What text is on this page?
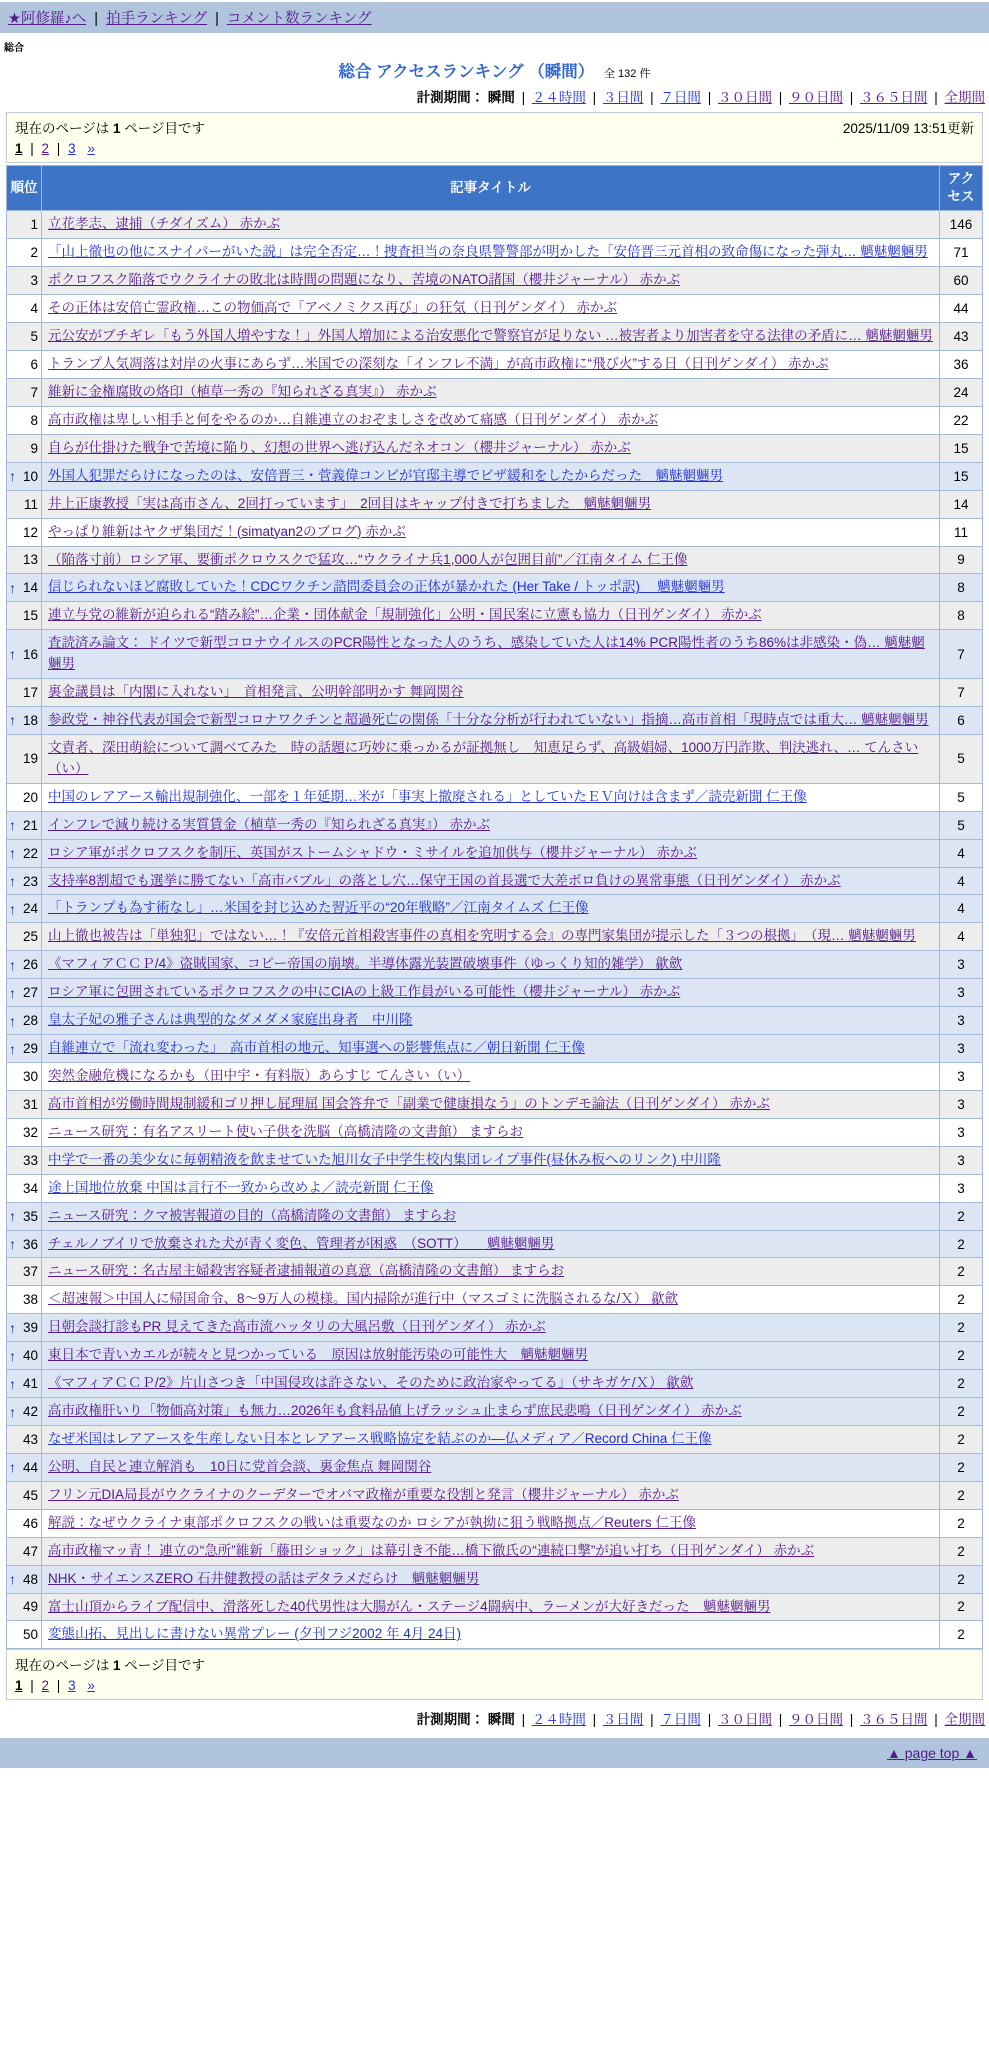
★阿修羅♪へ | 拍手ランキング | コメント数ランキング
総合
総合 アクセスランキング （瞬間） 全 132 件
計測期間： 瞬間 | ２４時間 | ３日間 | ７日間 | ３０日間 | ９０日間 | ３６５日間 | 全期間
現在のページは 1 ページ目です	2025/11/09 13:51更新
1 | 2 | 3 »
順位	記事タイトル	アクセス
1	立花孝志、逮捕（チダイズム） 赤かぶ	146
2	「山上徹也の他にスナイパーがいた説」は完全否定…！捜査担当の奈良県警警部が明かした「安倍晋三元首相の致命傷になった弾丸… 魑魅魍魎男	71
3	ポクロフスク陥落でウクライナの敗北は時間の問題になり、苦境のNATO諸国（櫻井ジャーナル） 赤かぶ	60
4	その正体は安倍亡霊政権…この物価高で「アベノミクス再び」の狂気（日刊ゲンダイ） 赤かぶ	44
5	元公安がブチギレ「もう外国人増やすな！」外国人増加による治安悪化で警察官が足りない …被害者より加害者を守る法律の矛盾に… 魑魅魍魎男	43
6	トランプ人気凋落は対岸の火事にあらず…米国での深刻な「インフレ不満」が高市政権に“飛び火”する日（日刊ゲンダイ） 赤かぶ	36
7	維新に金権腐敗の烙印（植草一秀の『知られざる真実』） 赤かぶ	24
8	高市政権は卑しい相手と何をやるのか…自維連立のおぞましさを改めて痛感（日刊ゲンダイ） 赤かぶ	22
9	自らが仕掛けた戦争で苦境に陥り、幻想の世界へ逃げ込んだネオコン（櫻井ジャーナル） 赤かぶ	15

↑ 10	外国人犯罪だらけになったのは、安倍晋三・菅義偉コンビが官邸主導でビザ緩和をしたからだった　魑魅魍魎男	15
11	井上正康教授「実は高市さん、2回打っています」　2回目はキャップ付きで打ちました　魑魅魍魎男	14
12	やっぱり維新はヤクザ集団だ！(simatyan2のブログ) 赤かぶ	11
13	（陥落寸前）ロシア軍、要衝ポクロウスクで猛攻…“ウクライナ兵1,000人が包囲目前”／江南タイム 仁王像	9

↑ 14	信じられないほど腐敗していた！CDCワクチン諮問委員会の正体が暴かれた (Her Take / トッポ訳)　 魑魅魍魎男	8
15	連立与党の維新が迫られる“踏み絵”…企業・団体献金「規制強化」公明・国民案に立憲も協力（日刊ゲンダイ） 赤かぶ	8

↑ 16	査読済み論文： ドイツで新型コロナウイルスのPCR陽性となった人のうち、感染していた人は14% PCR陽性者のうち86%は非感染・偽… 魑魅魍魎男	7
17	裏金議員は「内閣に入れない」　首相発言、公明幹部明かす 舞岡関谷	7

↑ 18	参政党・神谷代表が国会で新型コロナワクチンと超過死亡の関係「十分な分析が行われていない」指摘…高市首相「現時点では重大… 魑魅魍魎男	6
19	文責者、深田萌絵について調べてみた　時の話題に巧妙に乗っかるが証拠無し　知恵足らず、高級娼婦、1000万円詐欺、判決逃れ、… てんさい（い）	5
20	中国のレアアース輸出規制強化、一部を１年延期…米が「事実上撤廃される」としていたＥＶ向けは含まず／読売新聞 仁王像	5

↑ 21	インフレで減り続ける実質賃金（植草一秀の『知られざる真実』） 赤かぶ	5

↑ 22	ロシア軍がポクロフスクを制圧、英国がストームシャドウ・ミサイルを追加供与（櫻井ジャーナル） 赤かぶ	4

↑ 23	支持率8割超でも選挙に勝てない「高市バブル」の落とし穴…保守王国の首長選で大差ボロ負けの異常事態（日刊ゲンダイ） 赤かぶ	4

↑ 24	「トランプも為す術なし」…米国を封じ込めた習近平の“20年戦略”／江南タイムズ 仁王像	4
25	山上徹也被告は「単独犯」ではない…！『安倍元首相殺害事件の真相を究明する会』の専門家集団が提示した「３つの根拠」　（現… 魑魅魍魎男	4

↑ 26	《マフィアＣＣＰ/4》盗賊国家、コピー帝国の崩壊。半導体露光装置破壊事件（ゆっくり知的雑学） 歙歛	3

↑ 27	ロシア軍に包囲されているポクロフスクの中にCIAの上級工作員がいる可能性（櫻井ジャーナル） 赤かぶ	3

↑ 28	皇太子妃の雅子さんは典型的なダメダメ家庭出身者　中川隆	3

↑ 29	自維連立で「流れ変わった」　高市首相の地元、知事選への影響焦点に／朝日新聞 仁王像	3
30	突然金融危機になるかも（田中宇・有料版）あらすじ てんさい（い）	3
31	高市首相が労働時間規制緩和ゴリ押し屁理屈 国会答弁で「副業で健康損なう」のトンデモ論法（日刊ゲンダイ） 赤かぶ	3
32	ニュース研究：有名アスリート使い子供を洗脳（高橋清隆の文書館） ますらお	3
33	中学で一番の美少女に毎朝精液を飲ませていた旭川女子中学生校内集団レイプ事件(昼休み板へのリンク) 中川隆	3
34	途上国地位放棄 中国は言行不一致から改めよ／読売新聞 仁王像	3

↑ 35	ニュース研究：クマ被害報道の目的（高橋清隆の文書館） ますらお	2

↑ 36	チェルノブイリで放棄された犬が青く変色、管理者が困惑　（SOTT）　　魑魅魍魎男	2
37	ニュース研究：名古屋主婦殺害容疑者逮捕報道の真意（高橋清隆の文書館） ますらお	2
38	＜超速報＞中国人に帰国命令、8〜9万人の模様。国内掃除が進行中（マスゴミに洗脳されるな/Ｘ） 歙歛	2

↑ 39	日朝会談打診もPR 見えてきた高市流ハッタリの大風呂敷（日刊ゲンダイ） 赤かぶ	2

↑ 40	東日本で青いカエルが続々と見つかっている　原因は放射能汚染の可能性大　魑魅魍魎男	2

↑ 41	《マフィアＣＣＰ/2》片山さつき「中国侵攻は許さない、そのために政治家やってる」（サキガケ/Ｘ） 歙歛	2

↑ 42	高市政権肝いり「物価高対策」も無力…2026年も食料品値上げラッシュ止まらず庶民悲鳴（日刊ゲンダイ） 赤かぶ	2
43	なぜ米国はレアアースを生産しない日本とレアアース戦略協定を結ぶのか―仏メディア／Record China 仁王像	2

↑ 44	公明、自民と連立解消も　10日に党首会談、裏金焦点 舞岡関谷	2
45	フリン元DIA局長がウクライナのクーデターでオバマ政権が重要な役割と発言（櫻井ジャーナル） 赤かぶ	2
46	解説：なぜウクライナ東部ポクロフスクの戦いは重要なのか ロシアが執拗に狙う戦略拠点／Reuters 仁王像	2
47	高市政権マッ青！ 連立の“急所”維新「藤田ショック」は幕引き不能…橋下徹氏の“連続口撃”が追い打ち（日刊ゲンダイ） 赤かぶ	2

↑ 48	NHK・サイエンスZERO 石井健教授の話はデタラメだらけ　魑魅魍魎男	2
49	富士山頂からライブ配信中、滑落死した40代男性は大腸がん・ステージ4闘病中、ラーメンが大好きだった　魑魅魍魎男	2
50	変態山拓、見出しに書けない異常プレー (夕刊フジ2002 年 4月 24日)	2
現在のページは 1 ページ目です
1 | 2 | 3 »
計測期間： 瞬間 | ２４時間 | ３日間 | ７日間 | ３０日間 | ９０日間 | ３６５日間 | 全期間
▲ page top ▲
